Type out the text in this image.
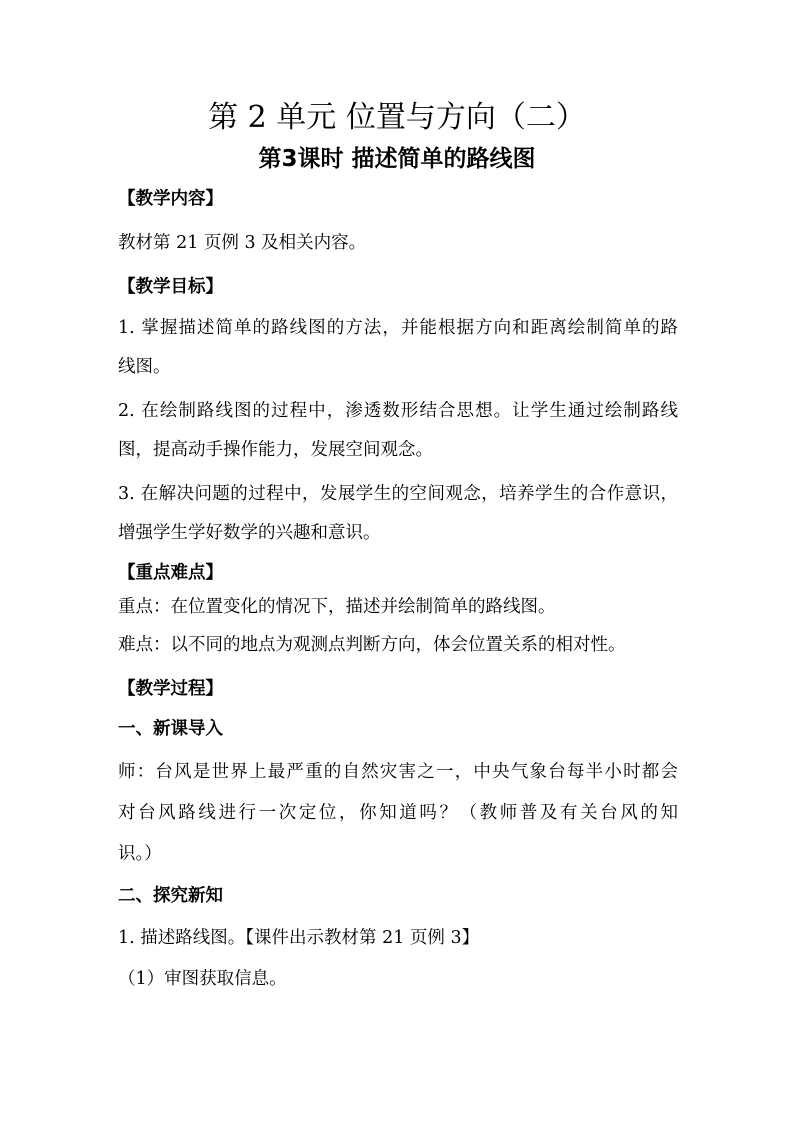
第 2 单元 位置与方向（二）
第3课时 描述简单的路线图
【教学内容】
教材第 21 页例 3 及相关内容。
【教学目标】
1. 掌握描述简单的路线图的方法，并能根据方向和距离绘制简单的路
线图。
2. 在绘制路线图的过程中，渗透数形结合思想。让学生通过绘制路线
图，提高动手操作能力，发展空间观念。
3. 在解决问题的过程中，发展学生的空间观念，培养学生的合作意识，
增强学生学好数学的兴趣和意识。
【重点难点】
重点：在位置变化的情况下，描述并绘制简单的路线图。
难点：以不同的地点为观测点判断方向，体会位置关系的相对性。
【教学过程】
一、新课导入
师：台风是世界上最严重的自然灾害之一，中央气象台每半小时都会
对台风路线进行一次定位，你知道吗？（教师普及有关台风的知
识。）
二、探究新知
1. 描述路线图。【课件出示教材第 21 页例 3】
（1）审图获取信息。
